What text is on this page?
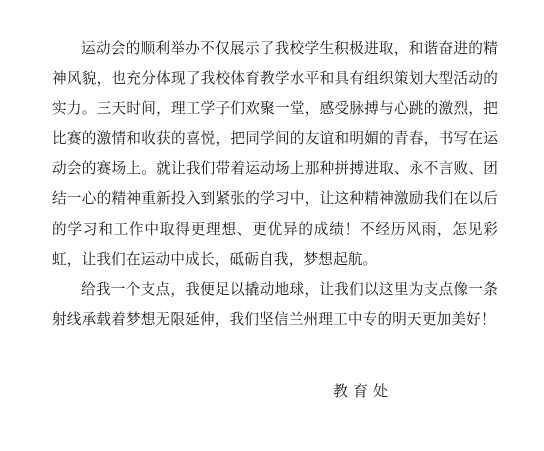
运动会的顺利举办不仅展示了我校学生积极进取，和谐奋进的精神风貌，也充分体现了我校体育教学水平和具有组织策划大型活动的实力。三天时间，理工学子们欢聚一堂，感受脉搏与心跳的激烈，把比赛的激情和收获的喜悦，把同学间的友谊和明媚的青春，书写在运动会的赛场上。就让我们带着运动场上那种拼搏进取、永不言败、团结一心的精神重新投入到紧张的学习中，让这种精神激励我们在以后的学习和工作中取得更理想、更优异的成绩！不经历风雨，怎见彩虹，让我们在运动中成长，砥砺自我，梦想起航。

给我一个支点，我便足以撬动地球，让我们以这里为支点像一条射线承载着梦想无限延伸，我们坚信兰州理工中专的明天更加美好！

教育处
